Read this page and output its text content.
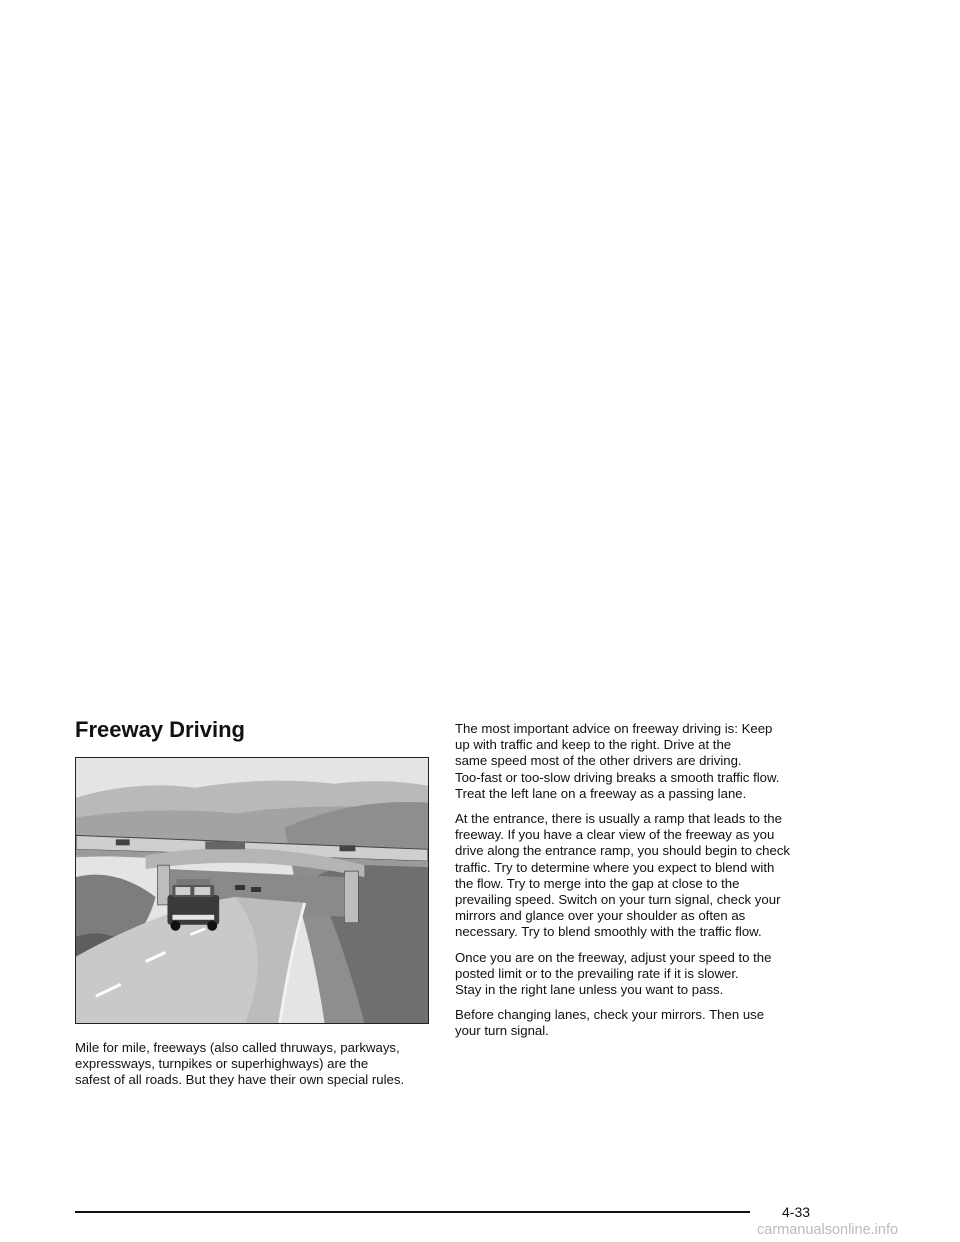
Freeway Driving

Mile for mile, freeways (also called thruways, parkways,
expressways, turnpikes or superhighways) are the
safest of all roads. But they have their own special rules.

The most important advice on freeway driving is: Keep
up with traffic and keep to the right. Drive at the
same speed most of the other drivers are driving.
Too-fast or too-slow driving breaks a smooth traffic flow.
Treat the left lane on a freeway as a passing lane.

At the entrance, there is usually a ramp that leads to the
freeway. If you have a clear view of the freeway as you
drive along the entrance ramp, you should begin to check
traffic. Try to determine where you expect to blend with
the flow. Try to merge into the gap at close to the
prevailing speed. Switch on your turn signal, check your
mirrors and glance over your shoulder as often as
necessary. Try to blend smoothly with the traffic flow.

Once you are on the freeway, adjust your speed to the
posted limit or to the prevailing rate if it is slower.
Stay in the right lane unless you want to pass.

Before changing lanes, check your mirrors. Then use
your turn signal.

4-33
carmanualsonline.info
